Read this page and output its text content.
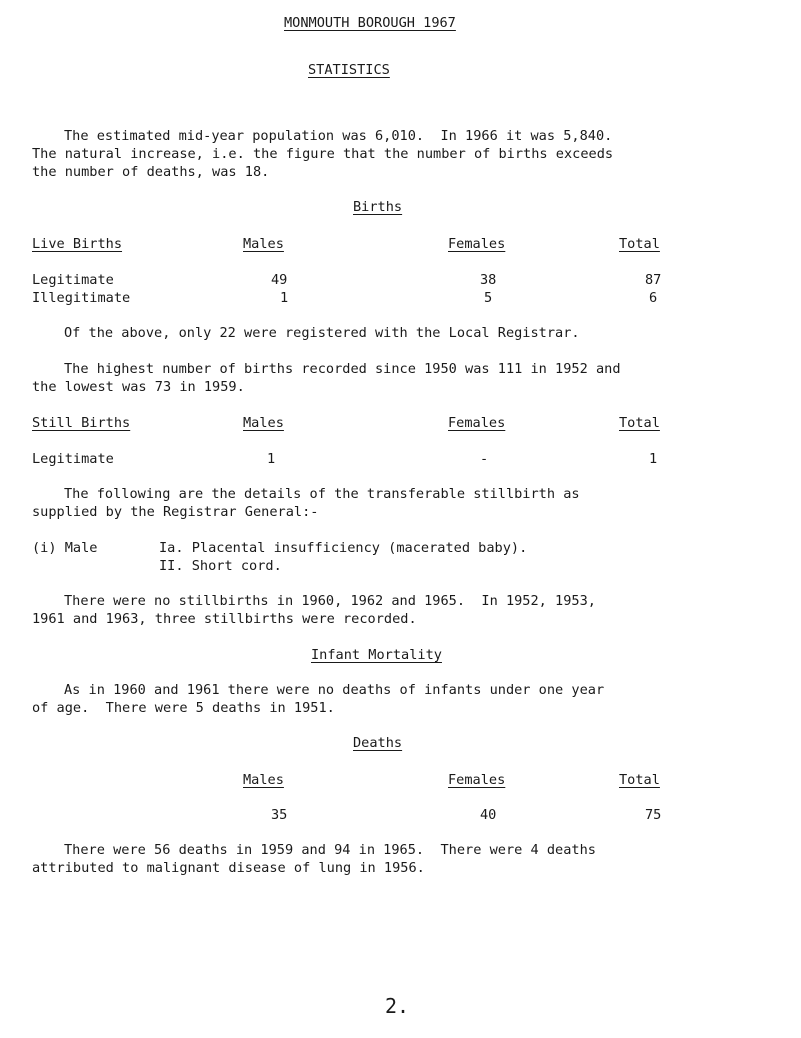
MONMOUTH BOROUGH 1967
STATISTICS
The estimated mid-year population was 6,010.  In 1966 it was 5,840.
The natural increase, i.e. the figure that the number of births exceeds
the number of deaths, was 18.
Births
Live Births	Males	Females	Total
Legitimate	49	38	87
Illegitimate	1	5	6
Of the above, only 22 were registered with the Local Registrar.
The highest number of births recorded since 1950 was 111 in 1952 and
the lowest was 73 in 1959.
Still Births	Males	Females	Total
Legitimate	1	-	1
The following are the details of the transferable stillbirth as
supplied by the Registrar General:-
(i) Male	Ia. Placental insufficiency (macerated baby).
II. Short cord.
There were no stillbirths in 1960, 1962 and 1965.  In 1952, 1953,
1961 and 1963, three stillbirths were recorded.
Infant Mortality
As in 1960 and 1961 there were no deaths of infants under one year
of age.  There were 5 deaths in 1951.
Deaths
Males	Females	Total
35	40	75
There were 56 deaths in 1959 and 94 in 1965.  There were 4 deaths
attributed to malignant disease of lung in 1956.
2.
